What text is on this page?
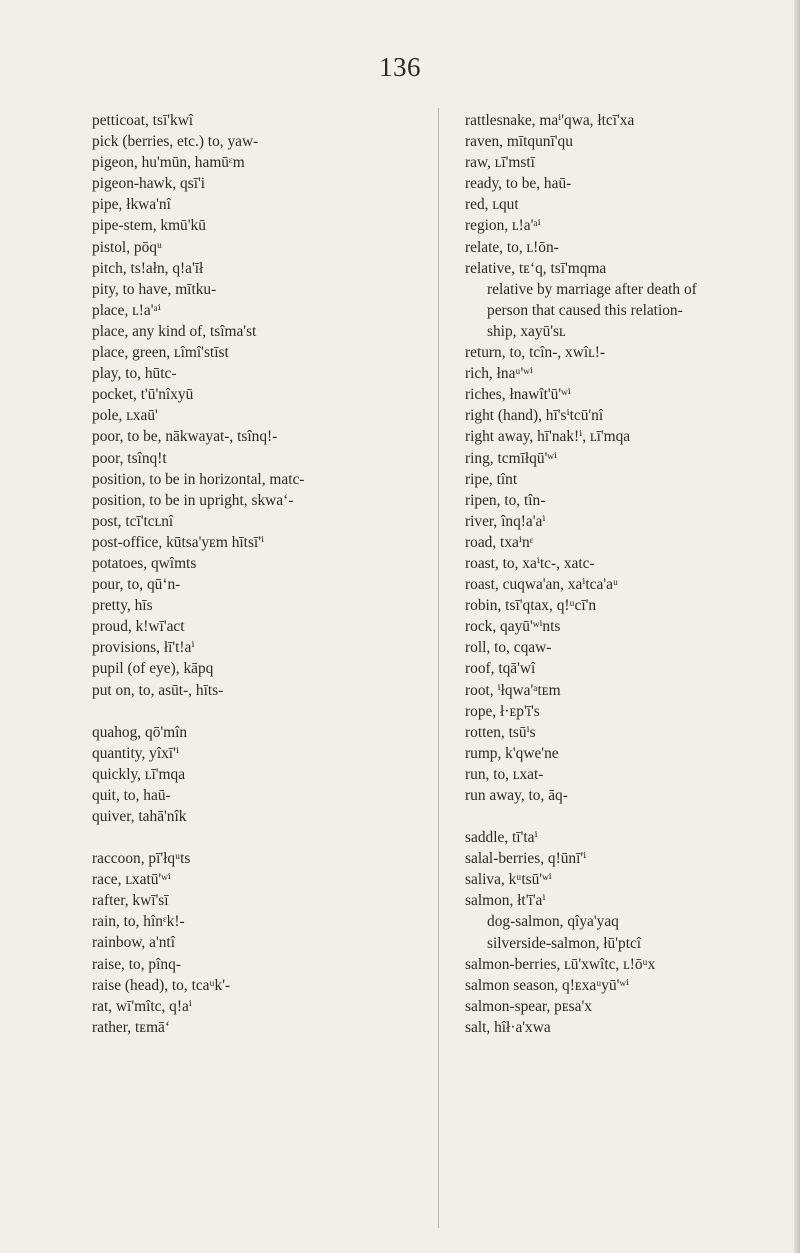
136
petticoat, tsī'kwî
pick (berries, etc.) to, yaw-
pigeon, hu'mūn, hamūᵋm
pigeon-hawk, qsī'i
pipe, łkwa'nî
pipe-stem, kmū'kū
pistol, pōqᵘ
pitch, ts!ałn, q!a'īł
pity, to have, mītku-
place, ʟ!a'ᵃⁱ
place, any kind of, tsîma'st
place, green, ʟîmî'stīst
play, to, hūtc-
pocket, t'ū'nîxyū
pole, ʟxaū'
poor, to be, nākwayat-, tsînq!-
poor, tsînq!t
position, to be in horizontal, matc-
position, to be in upright, skwa‘-
post, tcī'tcʟnî
post-office, kūtsa'yᴇm hītsī'ⁱ
potatoes, qwîmts
pour, to, qū‘n-
pretty, hīs
proud, k!wī'act
provisions, łī't!aⁱ
pupil (of eye), kāpq
put on, to, asūt-, hīts-
quahog, qō'mîn
quantity, yîxī'ⁱ
quickly, ʟī'mqa
quit, to, haū-
quiver, tahā'nîk
raccoon, pī'łqᵘts
race, ʟxatū'ʷⁱ
rafter, kwī'sī
rain, to, hînᵋk!-
rainbow, a'ntî
raise, to, pînq-
raise (head), to, tcaᵘk'-
rat, wī'mîtc, q!aⁱ
rather, tᴇmā‘
rattlesnake, maⁱ'qwa, łtcī'xa
raven, mītqunī'qu
raw, ʟī'mstī
ready, to be, haū-
red, ʟqut
region, ʟ!a'ᵃⁱ
relate, to, ʟ!ōn-
relative, tᴇ‘q, tsī'mqma
relative by marriage after death of
person that caused this relation-
ship, xayū'sʟ
return, to, tcîn-, xwîʟ!-
rich, łnaᵘ'ʷⁱ
riches, łnawît'ū'ʷⁱ
right (hand), hī'sⁱtcū'nî
right away, hī'nak!ⁱ, ʟī'mqa
ring, tcmīłqū'ʷⁱ
ripe, tînt
ripen, to, tîn-
river, înq!a'aⁱ
road, txaⁱnᵋ
roast, to, xaⁱtc-, xatc-
roast, cuqwa'an, xaⁱtca'aᵘ
robin, tsī'qtax, q!ᵘcī'n
rock, qayū'ʷⁱnts
roll, to, cqaw-
roof, tqā'wî
root, ⁱłqwa'ᵃtᴇm
rope, ł·ᴇp'ī's
rotten, tsūⁱs
rump, k'qwe'ne
run, to, ʟxat-
run away, to, āq-
saddle, tī'taⁱ
salal-berries, q!ūnī'ⁱ
saliva, kᵘtsū'ʷⁱ
salmon, łt'ī'aⁱ
dog-salmon, qîya'yaq
silverside-salmon, łū'ptcî
salmon-berries, ʟū'xwîtc, ʟ!ōᵘx
salmon season, q!ᴇxaᵘyū'ʷⁱ
salmon-spear, pᴇsa'x
salt, hîł·a'xwa
